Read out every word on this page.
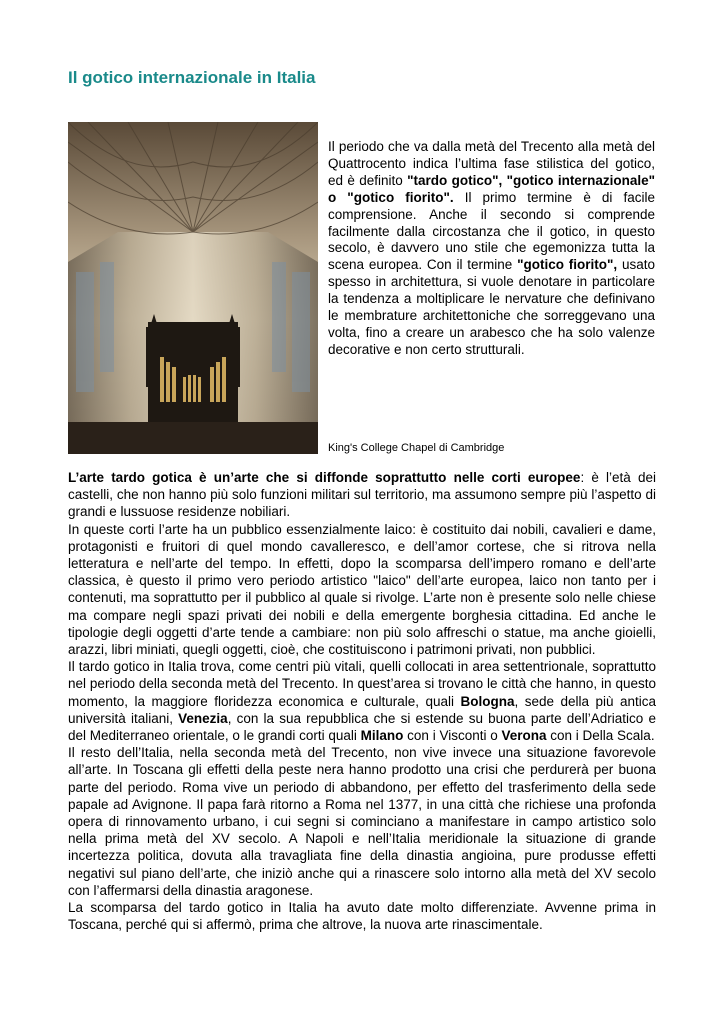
Il gotico internazionale in Italia

Il periodo che va dalla metà del Trecento alla metà del Quattrocento indica l’ultima fase stilistica del gotico, ed è definito "tardo gotico", "gotico internazionale" o "gotico fiorito". Il primo termine è di facile comprensione. Anche il secondo si comprende facilmente dalla circostanza che il gotico, in questo secolo, è davvero uno stile che egemonizza tutta la scena europea. Con il termine "gotico fiorito", usato spesso in architettura, si vuole denotare in particolare la tendenza a moltiplicare le nervature che definivano le membrature architettoniche che sorreggevano una volta, fino a creare un arabesco che ha solo valenze decorative e non certo strutturali.

King's College Chapel di Cambridge

L’arte tardo gotica è un’arte che si diffonde soprattutto nelle corti europee: è l’età dei castelli, che non hanno più solo funzioni militari sul territorio, ma assumono sempre più l’aspetto di grandi e lussuose residenze nobiliari.

In queste corti l’arte ha un pubblico essenzialmente laico: è costituito dai nobili, cavalieri e dame, protagonisti e fruitori di quel mondo cavalleresco, e dell’amor cortese, che si ritrova nella letteratura e nell’arte del tempo. In effetti, dopo la scomparsa dell’impero romano e dell’arte classica, è questo il primo vero periodo artistico "laico" dell’arte europea, laico non tanto per i contenuti, ma soprattutto per il pubblico al quale si rivolge. L’arte non è presente solo nelle chiese ma compare negli spazi privati dei nobili e della emergente borghesia cittadina. Ed anche le tipologie degli oggetti d’arte tende a cambiare: non più solo affreschi o statue, ma anche gioielli, arazzi, libri miniati, quegli oggetti, cioè, che costituiscono i patrimoni privati, non pubblici.

Il tardo gotico in Italia trova, come centri più vitali, quelli collocati in area settentrionale, soprattutto nel periodo della seconda metà del Trecento. In quest’area si trovano le città che hanno, in questo momento, la maggiore floridezza economica e culturale, quali Bologna, sede della più antica università italiani, Venezia, con la sua repubblica che si estende su buona parte dell’Adriatico e del Mediterraneo orientale, o le grandi corti quali Milano con i Visconti o Verona con i Della Scala.

Il resto dell’Italia, nella seconda metà del Trecento, non vive invece una situazione favorevole all’arte. In Toscana gli effetti della peste nera hanno prodotto una crisi che perdurerà per buona parte del periodo. Roma vive un periodo di abbandono, per effetto del trasferimento della sede papale ad Avignone. Il papa farà ritorno a Roma nel 1377, in una città che richiese una profonda opera di rinnovamento urbano, i cui segni si cominciano a manifestare in campo artistico solo nella prima metà del XV secolo. A Napoli e nell’Italia meridionale la situazione di grande incertezza politica, dovuta alla travagliata fine della dinastia angioina, pure produsse effetti negativi sul piano dell’arte, che iniziò anche qui a rinascere solo intorno alla metà del XV secolo con l’affermarsi della dinastia aragonese.

La scomparsa del tardo gotico in Italia ha avuto date molto differenziate. Avvenne prima in Toscana, perché qui si affermò, prima che altrove, la nuova arte rinascimentale.
